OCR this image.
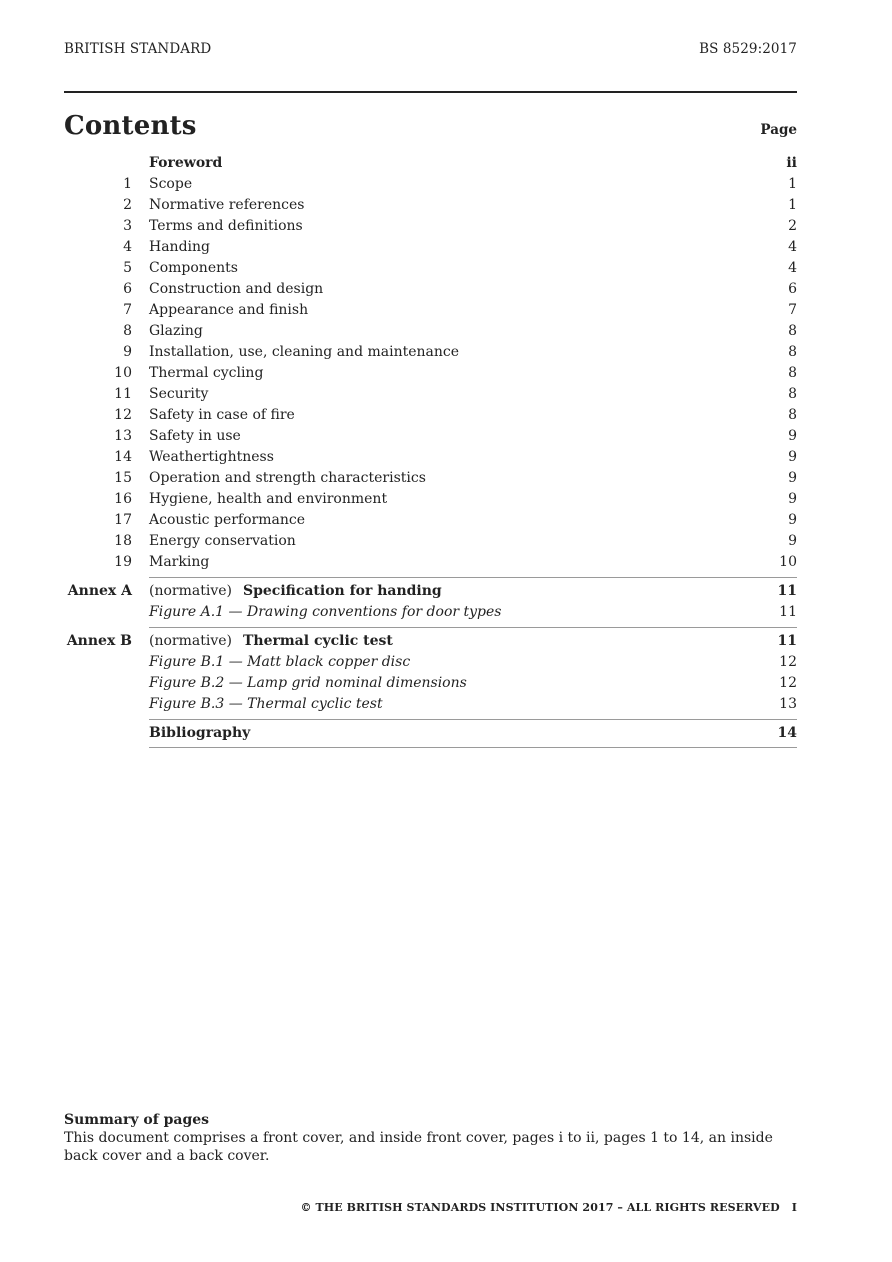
BRITISH STANDARD	BS 8529:2017
Contents	Page
Foreword	ii
1 Scope	1
2 Normative references	1
3 Terms and definitions	2
4 Handing	4
5 Components	4
6 Construction and design	6
7 Appearance and finish	7
8 Glazing	8
9 Installation, use, cleaning and maintenance	8
10 Thermal cycling	8
11 Security	8
12 Safety in case of fire	8
13 Safety in use	9
14 Weathertightness	9
15 Operation and strength characteristics	9
16 Hygiene, health and environment	9
17 Acoustic performance	9
18 Energy conservation	9
19 Marking	10
Annex A (normative) Specification for handing	11
Figure A.1 — Drawing conventions for door types	11
Annex B (normative) Thermal cyclic test	11
Figure B.1 — Matt black copper disc	12
Figure B.2 — Lamp grid nominal dimensions	12
Figure B.3 — Thermal cyclic test	13
Bibliography	14
Summary of pages
This document comprises a front cover, and inside front cover, pages i to ii, pages 1 to 14, an inside back cover and a back cover.
© THE BRITISH STANDARDS INSTITUTION 2017 – ALL RIGHTS RESERVED I
